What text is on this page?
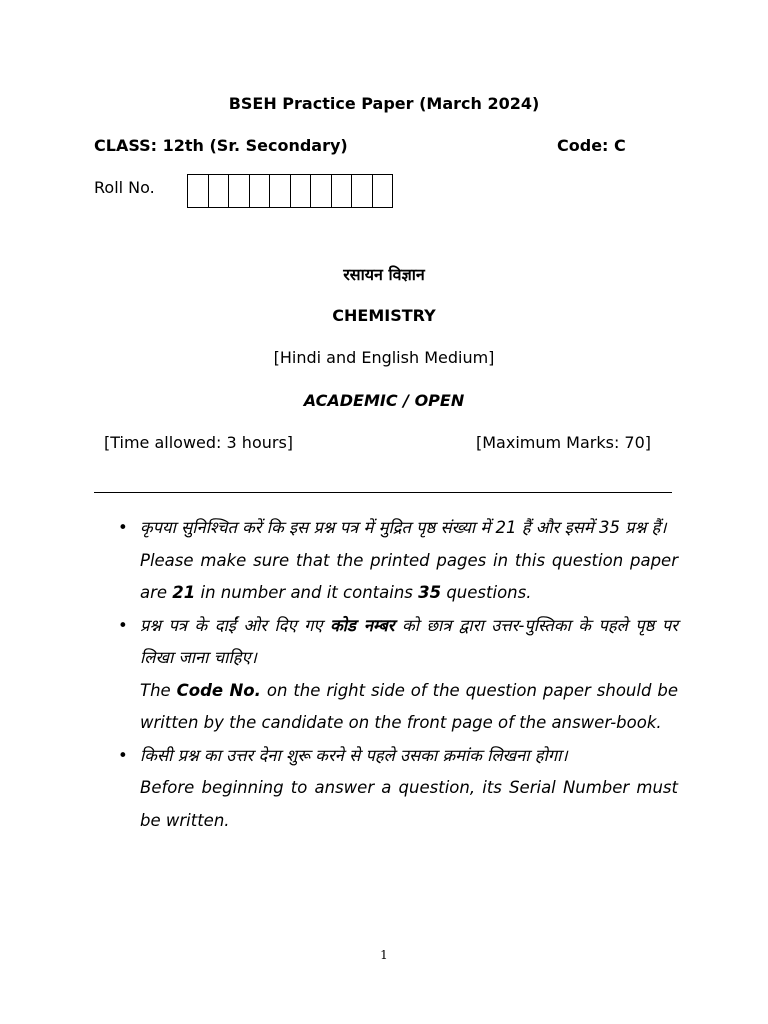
BSEH Practice Paper (March 2024)
CLASS: 12th (Sr. Secondary)	Code: C
Roll No.
रसायन विज्ञान
CHEMISTRY
[Hindi and English Medium]
ACADEMIC / OPEN
[Time allowed: 3 hours]	[Maximum Marks: 70]
• कृपया सुनिश्चित करें कि इस प्रश्न पत्र में मुद्रित पृष्ठ संख्या में 21 हैं और इसमें 35 प्रश्न हैं।

Please make sure that the printed pages in this question paper are 21 in number and it contains 35 questions.

• प्रश्न पत्र के दाईं ओर दिए गए कोड नम्बर को छात्र द्वारा उत्तर-पुस्तिका के पहले पृष्ठ पर लिखा जाना चाहिए।

The Code No. on the right side of the question paper should be written by the candidate on the front page of the answer-book.

• किसी प्रश्न का उत्तर देना शुरू करने से पहले उसका क्रमांक लिखना होगा।

Before beginning to answer a question, its Serial Number must be written.

1
